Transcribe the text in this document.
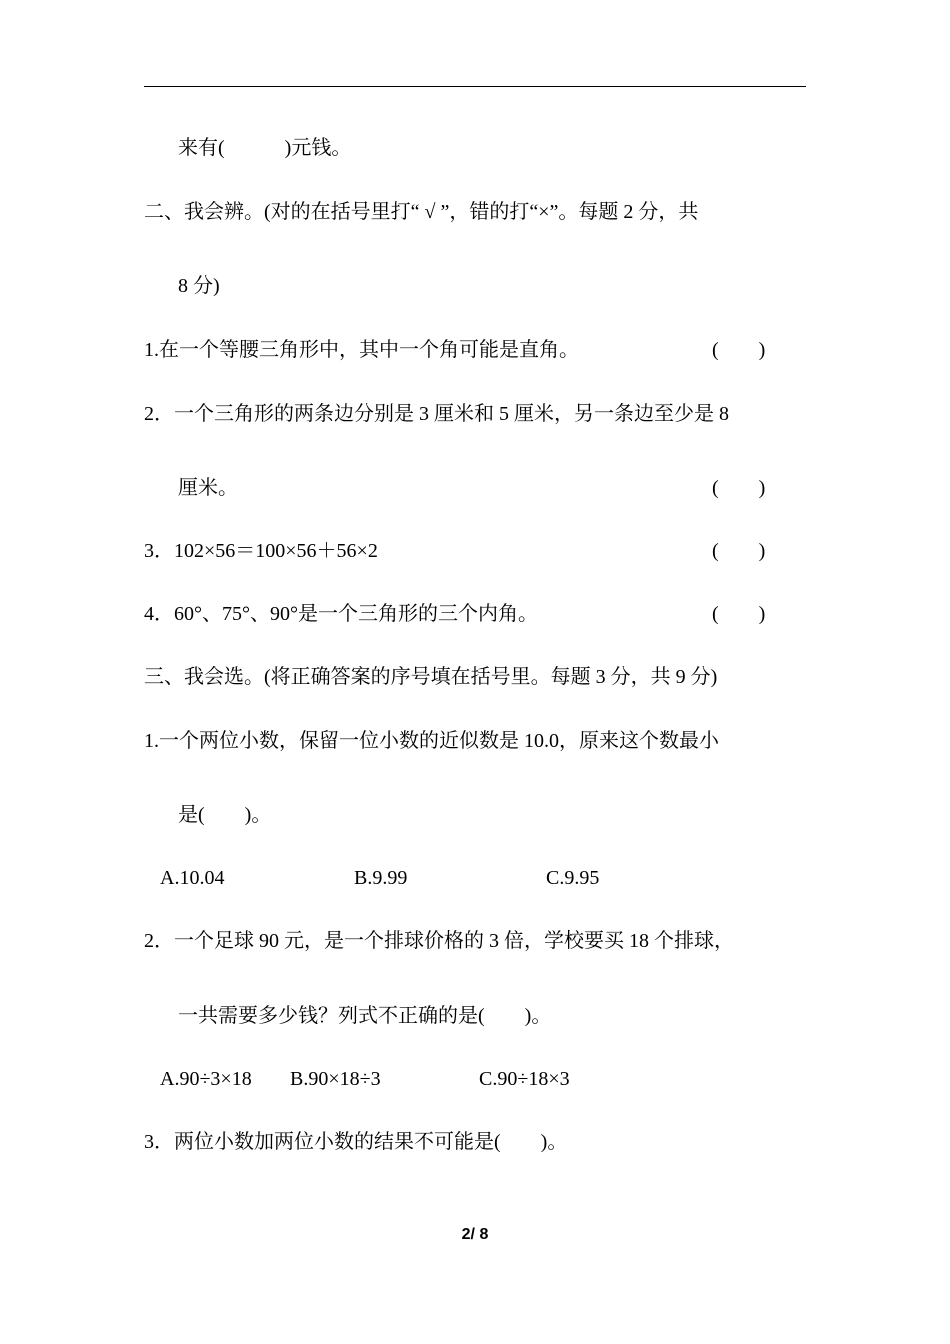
来有(            )元钱。
二、我会辨。(对的在括号里打“ √ ”，错的打“×”。每题 2 分，共
8 分)
1.在一个等腰三角形中，其中一个角可能是直角。	(        )
2．一个三角形的两条边分别是 3 厘米和 5 厘米，另一条边至少是 8
厘米。	(        )
3．102×56＝100×56＋56×2	(        )
4．60°、75°、90°是一个三角形的三个内角。	(        )
三、我会选。(将正确答案的序号填在括号里。每题 3 分，共 9 分)
1.一个两位小数，保留一位小数的近似数是 10.0，原来这个数最小
是(        )。
A.10.04	B.9.99	C.9.95
2．一个足球 90 元，是一个排球价格的 3 倍，学校要买 18 个排球，
一共需要多少钱？列式不正确的是(        )。
A.90÷3×18 B.90×18÷3	C.90÷18×3
3．两位小数加两位小数的结果不可能是(        )。
2/ 8
